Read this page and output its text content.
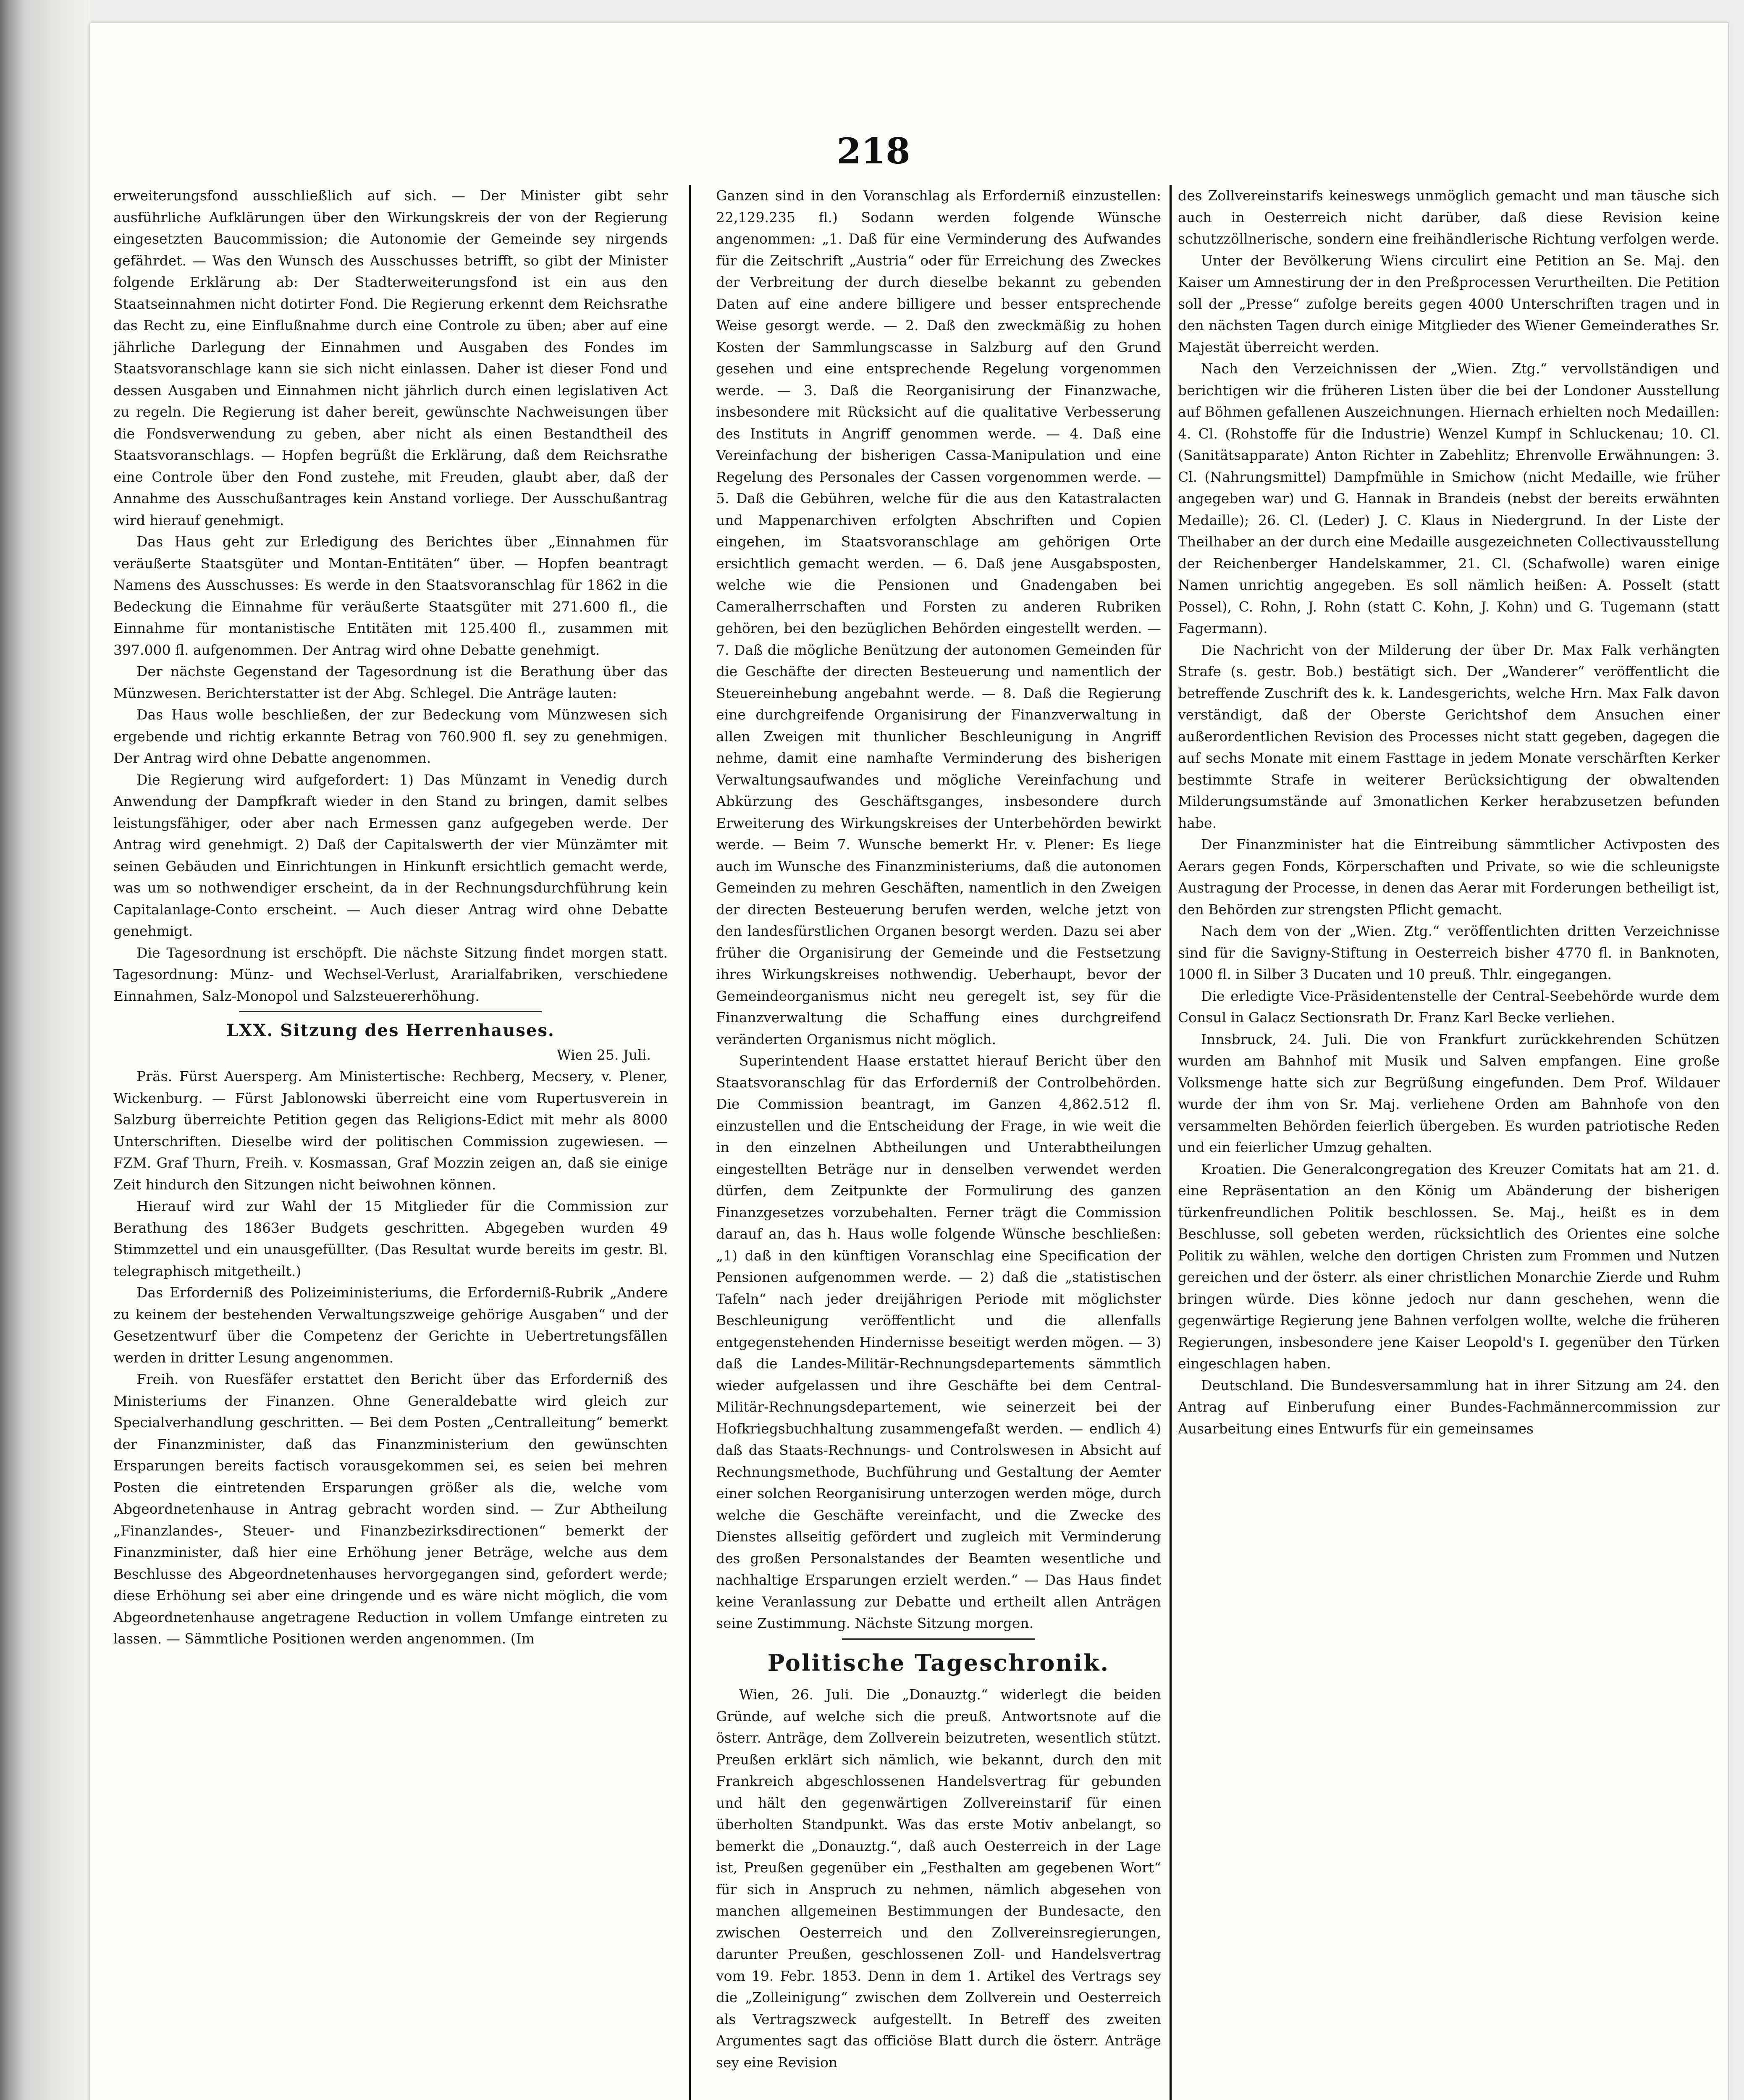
218

erweiterungsfond ausschließlich auf sich. — Der Minister gibt sehr ausführliche Aufklärungen über den Wirkungskreis der von der Regierung eingesetzten Baucommission; die Autonomie der Gemeinde sey nirgends gefährdet. — Was den Wunsch des Ausschusses betrifft, so gibt der Minister folgende Erklärung ab: Der Stadterweiterungsfond ist ein aus den Staatseinnahmen nicht dotirter Fond. Die Regierung erkennt dem Reichsrathe das Recht zu, eine Einflußnahme durch eine Controle zu üben; aber auf eine jährliche Darlegung der Einnahmen und Ausgaben des Fondes im Staatsvoranschlage kann sie sich nicht einlassen. Daher ist dieser Fond und dessen Ausgaben und Einnahmen nicht jährlich durch einen legislativen Act zu regeln. Die Regierung ist daher bereit, gewünschte Nachweisungen über die Fondsverwendung zu geben, aber nicht als einen Bestandtheil des Staatsvoranschlags. — Hopfen begrüßt die Erklärung, daß dem Reichsrathe eine Controle über den Fond zustehe, mit Freuden, glaubt aber, daß der Annahme des Ausschußantrages kein Anstand vorliege. Der Ausschußantrag wird hierauf genehmigt.

Das Haus geht zur Erledigung des Berichtes über „Einnahmen für veräußerte Staatsgüter und Montan-Entitäten“ über. — Hopfen beantragt Namens des Ausschusses: Es werde in den Staatsvoranschlag für 1862 in die Bedeckung die Einnahme für veräußerte Staatsgüter mit 271.600 fl., die Einnahme für montanistische Entitäten mit 125.400 fl., zusammen mit 397.000 fl. aufgenommen. Der Antrag wird ohne Debatte genehmigt.

Der nächste Gegenstand der Tagesordnung ist die Berathung über das Münzwesen. Berichterstatter ist der Abg. Schlegel. Die Anträge lauten:

Das Haus wolle beschließen, der zur Bedeckung vom Münzwesen sich ergebende und richtig erkannte Betrag von 760.900 fl. sey zu genehmigen. Der Antrag wird ohne Debatte angenommen.

Die Regierung wird aufgefordert: 1) Das Münzamt in Venedig durch Anwendung der Dampfkraft wieder in den Stand zu bringen, damit selbes leistungsfähiger, oder aber nach Ermessen ganz aufgegeben werde. Der Antrag wird genehmigt. 2) Daß der Capitalswerth der vier Münzämter mit seinen Gebäuden und Einrichtungen in Hinkunft ersichtlich gemacht werde, was um so nothwendiger erscheint, da in der Rechnungsdurchführung kein Capitalanlage-Conto erscheint. — Auch dieser Antrag wird ohne Debatte genehmigt.

Die Tagesordnung ist erschöpft. Die nächste Sitzung findet morgen statt. Tagesordnung: Münz- und Wechsel-Verlust, Ararialfabriken, verschiedene Einnahmen, Salz-Monopol und Salzsteuererhöhung.

LXX. Sitzung des Herrenhauses.
Wien 25. Juli.

Präs. Fürst Auersperg. Am Ministertische: Rechberg, Mecsery, v. Plener, Wickenburg. — Fürst Jablonowski überreicht eine vom Rupertusverein in Salzburg überreichte Petition gegen das Religions-Edict mit mehr als 8000 Unterschriften. Dieselbe wird der politischen Commission zugewiesen. — FZM. Graf Thurn, Freih. v. Kosmassan, Graf Mozzin zeigen an, daß sie einige Zeit hindurch den Sitzungen nicht beiwohnen können.

Hierauf wird zur Wahl der 15 Mitglieder für die Commission zur Berathung des 1863er Budgets geschritten. Abgegeben wurden 49 Stimmzettel und ein unausgefüllter. (Das Resultat wurde bereits im gestr. Bl. telegraphisch mitgetheilt.)

Das Erforderniß des Polizeiministeriums, die Erforderniß-Rubrik „Andere zu keinem der bestehenden Verwaltungszweige gehörige Ausgaben“ und der Gesetzentwurf über die Competenz der Gerichte in Uebertretungsfällen werden in dritter Lesung angenommen.

Freih. von Ruesfäfer erstattet den Bericht über das Erforderniß des Ministeriums der Finanzen. Ohne Generaldebatte wird gleich zur Specialverhandlung geschritten. — Bei dem Posten „Centralleitung“ bemerkt der Finanzminister, daß das Finanzministerium den gewünschten Ersparungen bereits factisch vorausgekommen sei, es seien bei mehren Posten die eintretenden Ersparungen größer als die, welche vom Abgeordnetenhause in Antrag gebracht worden sind. — Zur Abtheilung „Finanzlandes-, Steuer- und Finanzbezirksdirectionen“ bemerkt der Finanzminister, daß hier eine Erhöhung jener Beträge, welche aus dem Beschlusse des Abgeordnetenhauses hervorgegangen sind, gefordert werde; diese Erhöhung sei aber eine dringende und es wäre nicht möglich, die vom Abgeordnetenhause angetragene Reduction in vollem Umfange eintreten zu lassen. — Sämmtliche Positionen werden angenommen. (Im

Ganzen sind in den Voranschlag als Erforderniß einzustellen: 22,129.235 fl.) Sodann werden folgende Wünsche angenommen: „1. Daß für eine Verminderung des Aufwandes für die Zeitschrift „Austria“ oder für Erreichung des Zweckes der Verbreitung der durch dieselbe bekannt zu gebenden Daten auf eine andere billigere und besser entsprechende Weise gesorgt werde. — 2. Daß den zweckmäßig zu hohen Kosten der Sammlungscasse in Salzburg auf den Grund gesehen und eine entsprechende Regelung vorgenommen werde. — 3. Daß die Reorganisirung der Finanzwache, insbesondere mit Rücksicht auf die qualitative Verbesserung des Instituts in Angriff genommen werde. — 4. Daß eine Vereinfachung der bisherigen Cassa-Manipulation und eine Regelung des Personales der Cassen vorgenommen werde. — 5. Daß die Gebühren, welche für die aus den Katastralacten und Mappenarchiven erfolgten Abschriften und Copien eingehen, im Staatsvoranschlage am gehörigen Orte ersichtlich gemacht werden. — 6. Daß jene Ausgabsposten, welche wie die Pensionen und Gnadengaben bei Cameralherrschaften und Forsten zu anderen Rubriken gehören, bei den bezüglichen Behörden eingestellt werden. — 7. Daß die mögliche Benützung der autonomen Gemeinden für die Geschäfte der directen Besteuerung und namentlich der Steuereinhebung angebahnt werde. — 8. Daß die Regierung eine durchgreifende Organisirung der Finanzverwaltung in allen Zweigen mit thunlicher Beschleunigung in Angriff nehme, damit eine namhafte Verminderung des bisherigen Verwaltungsaufwandes und mögliche Vereinfachung und Abkürzung des Geschäftsganges, insbesondere durch Erweiterung des Wirkungskreises der Unterbehörden bewirkt werde. — Beim 7. Wunsche bemerkt Hr. v. Plener: Es liege auch im Wunsche des Finanzministeriums, daß die autonomen Gemeinden zu mehren Geschäften, namentlich in den Zweigen der directen Besteuerung berufen werden, welche jetzt von den landesfürstlichen Organen besorgt werden. Dazu sei aber früher die Organisirung der Gemeinde und die Festsetzung ihres Wirkungskreises nothwendig. Ueberhaupt, bevor der Gemeindeorganismus nicht neu geregelt ist, sey für die Finanzverwaltung die Schaffung eines durchgreifend veränderten Organismus nicht möglich.

Superintendent Haase erstattet hierauf Bericht über den Staatsvoranschlag für das Erforderniß der Controlbehörden. Die Commission beantragt, im Ganzen 4,862.512 fl. einzustellen und die Entscheidung der Frage, in wie weit die in den einzelnen Abtheilungen und Unterabtheilungen eingestellten Beträge nur in denselben verwendet werden dürfen, dem Zeitpunkte der Formulirung des ganzen Finanzgesetzes vorzubehalten. Ferner trägt die Commission darauf an, das h. Haus wolle folgende Wünsche beschließen: „1) daß in den künftigen Voranschlag eine Specification der Pensionen aufgenommen werde. — 2) daß die „statistischen Tafeln“ nach jeder dreijährigen Periode mit möglichster Beschleunigung veröffentlicht und die allenfalls entgegenstehenden Hindernisse beseitigt werden mögen. — 3) daß die Landes-Militär-Rechnungsdepartements sämmtlich wieder aufgelassen und ihre Geschäfte bei dem Central-Militär-Rechnungsdepartement, wie seinerzeit bei der Hofkriegsbuchhaltung zusammengefaßt werden. — endlich 4) daß das Staats-Rechnungs- und Controlswesen in Absicht auf Rechnungsmethode, Buchführung und Gestaltung der Aemter einer solchen Reorganisirung unterzogen werden möge, durch welche die Geschäfte vereinfacht, und die Zwecke des Dienstes allseitig gefördert und zugleich mit Verminderung des großen Personalstandes der Beamten wesentliche und nachhaltige Ersparungen erzielt werden.“ — Das Haus findet keine Veranlassung zur Debatte und ertheilt allen Anträgen seine Zustimmung. Nächste Sitzung morgen.

Politische Tageschronik.

Wien, 26. Juli. Die „Donauztg.“ widerlegt die beiden Gründe, auf welche sich die preuß. Antwortsnote auf die österr. Anträge, dem Zollverein beizutreten, wesentlich stützt. Preußen erklärt sich nämlich, wie bekannt, durch den mit Frankreich abgeschlossenen Handelsvertrag für gebunden und hält den gegenwärtigen Zollvereinstarif für einen überholten Standpunkt. Was das erste Motiv anbelangt, so bemerkt die „Donauztg.“, daß auch Oesterreich in der Lage ist, Preußen gegenüber ein „Festhalten am gegebenen Wort“ für sich in Anspruch zu nehmen, nämlich abgesehen von manchen allgemeinen Bestimmungen der Bundesacte, den zwischen Oesterreich und den Zollvereinsregierungen, darunter Preußen, geschlossenen Zoll- und Handelsvertrag vom 19. Febr. 1853. Denn in dem 1. Artikel des Vertrags sey die „Zolleinigung“ zwischen dem Zollverein und Oesterreich als Vertragszweck aufgestellt. In Betreff des zweiten Argumentes sagt das officiöse Blatt durch die österr. Anträge sey eine Revision

des Zollvereinstarifs keineswegs unmöglich gemacht und man täusche sich auch in Oesterreich nicht darüber, daß diese Revision keine schutzzöllnerische, sondern eine freihändlerische Richtung verfolgen werde.

Unter der Bevölkerung Wiens circulirt eine Petition an Se. Maj. den Kaiser um Amnestirung der in den Preßprocessen Verurtheilten. Die Petition soll der „Presse“ zufolge bereits gegen 4000 Unterschriften tragen und in den nächsten Tagen durch einige Mitglieder des Wiener Gemeinderathes Sr. Majestät überreicht werden.

Nach den Verzeichnissen der „Wien. Ztg.“ vervollständigen und berichtigen wir die früheren Listen über die bei der Londoner Ausstellung auf Böhmen gefallenen Auszeichnungen. Hiernach erhielten noch Medaillen: 4. Cl. (Rohstoffe für die Industrie) Wenzel Kumpf in Schluckenau; 10. Cl. (Sanitätsapparate) Anton Richter in Zabehlitz; Ehrenvolle Erwähnungen: 3. Cl. (Nahrungsmittel) Dampfmühle in Smichow (nicht Medaille, wie früher angegeben war) und G. Hannak in Brandeis (nebst der bereits erwähnten Medaille); 26. Cl. (Leder) J. C. Klaus in Niedergrund. In der Liste der Theilhaber an der durch eine Medaille ausgezeichneten Collectivausstellung der Reichenberger Handelskammer, 21. Cl. (Schafwolle) waren einige Namen unrichtig angegeben. Es soll nämlich heißen: A. Posselt (statt Possel), C. Rohn, J. Rohn (statt C. Kohn, J. Kohn) und G. Tugemann (statt Fagermann).

Die Nachricht von der Milderung der über Dr. Max Falk verhängten Strafe (s. gestr. Bob.) bestätigt sich. Der „Wanderer“ veröffentlicht die betreffende Zuschrift des k. k. Landesgerichts, welche Hrn. Max Falk davon verständigt, daß der Oberste Gerichtshof dem Ansuchen einer außerordentlichen Revision des Processes nicht statt gegeben, dagegen die auf sechs Monate mit einem Fasttage in jedem Monate verschärften Kerker bestimmte Strafe in weiterer Berücksichtigung der obwaltenden Milderungsumstände auf 3monatlichen Kerker herabzusetzen befunden habe.

Der Finanzminister hat die Eintreibung sämmtlicher Activposten des Aerars gegen Fonds, Körperschaften und Private, so wie die schleunigste Austragung der Processe, in denen das Aerar mit Forderungen betheiligt ist, den Behörden zur strengsten Pflicht gemacht.

Nach dem von der „Wien. Ztg.“ veröffentlichten dritten Verzeichnisse sind für die Savigny-Stiftung in Oesterreich bisher 4770 fl. in Banknoten, 1000 fl. in Silber 3 Ducaten und 10 preuß. Thlr. eingegangen.

Die erledigte Vice-Präsidentenstelle der Central-Seebehörde wurde dem Consul in Galacz Sectionsrath Dr. Franz Karl Becke verliehen.

Innsbruck, 24. Juli. Die von Frankfurt zurückkehrenden Schützen wurden am Bahnhof mit Musik und Salven empfangen. Eine große Volksmenge hatte sich zur Begrüßung eingefunden. Dem Prof. Wildauer wurde der ihm von Sr. Maj. verliehene Orden am Bahnhofe von den versammelten Behörden feierlich übergeben. Es wurden patriotische Reden und ein feierlicher Umzug gehalten.

Kroatien. Die Generalcongregation des Kreuzer Comitats hat am 21. d. eine Repräsentation an den König um Abänderung der bisherigen türkenfreundlichen Politik beschlossen. Se. Maj., heißt es in dem Beschlusse, soll gebeten werden, rücksichtlich des Orientes eine solche Politik zu wählen, welche den dortigen Christen zum Frommen und Nutzen gereichen und der österr. als einer christlichen Monarchie Zierde und Ruhm bringen würde. Dies könne jedoch nur dann geschehen, wenn die gegenwärtige Regierung jene Bahnen verfolgen wollte, welche die früheren Regierungen, insbesondere jene Kaiser Leopold's I. gegenüber den Türken eingeschlagen haben.

Deutschland. Die Bundesversammlung hat in ihrer Sitzung am 24. den Antrag auf Einberufung einer Bundes-Fachmännercommission zur Ausarbeitung eines Entwurfs für ein gemeinsames
